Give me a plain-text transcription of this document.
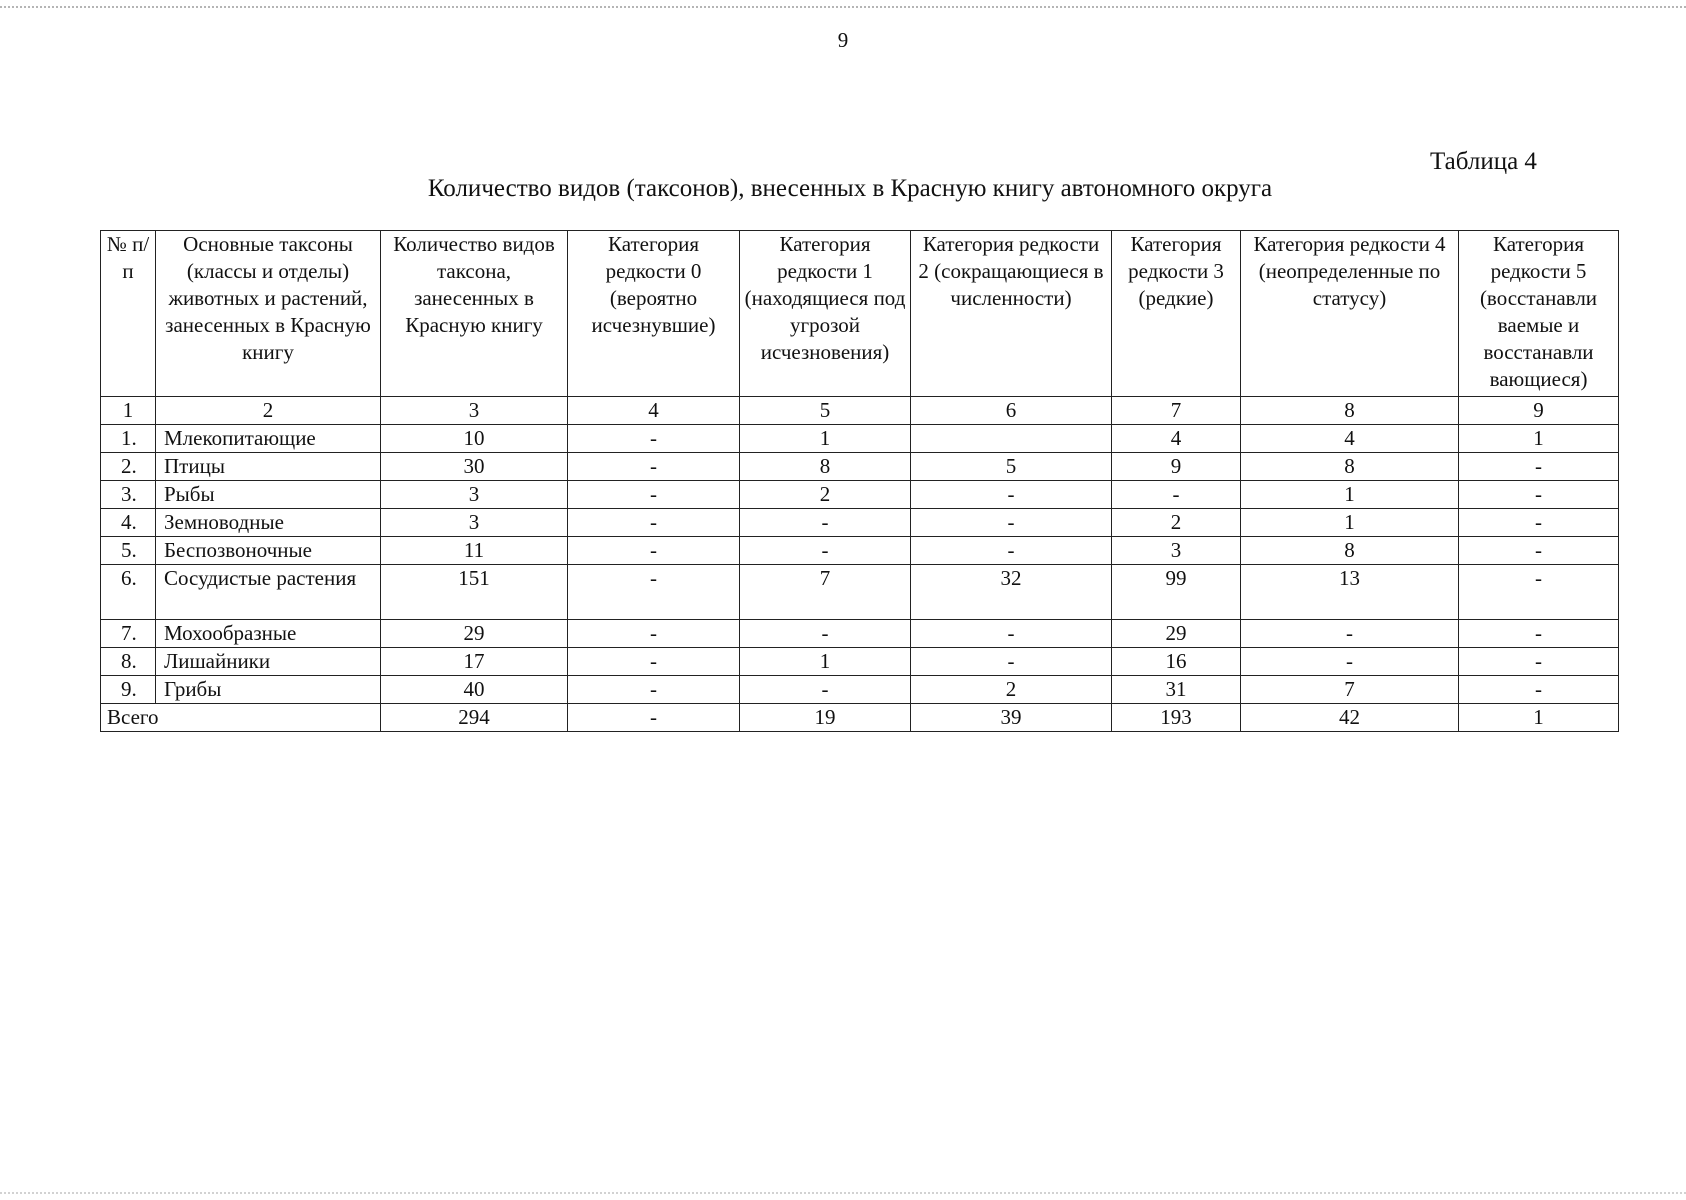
9
Таблица 4
Количество видов (таксонов), внесенных в Красную книгу автономного округа
№ п/п	Основные таксоны (классы и отделы) животных и растений, занесенных в Красную книгу	Количество видов таксона, занесенных в Красную книгу	Категория редкости 0 (вероятно исчезнувшие)	Категория редкости 1 (находящиеся под угрозой исчезновения)	Категория редкости 2 (сокращающиеся в численности)	Категория редкости 3 (редкие)	Категория редкости 4 (неопределенные по статусу)	Категория редкости 5 (восстанавли ваемые и восстанавли вающиеся)
1	2	3	4	5	6	7	8	9
1.	Млекопитающие	10	-	1		4	4	1
2.	Птицы	30	-	8	5	9	8	-
3.	Рыбы	3	-	2	-	-	1	-
4.	Земноводные	3	-	-	-	2	1	-
5.	Беспозвоночные	11	-	-	-	3	8	-
6.	Сосудистые растения	151	-	7	32	99	13	-
7.	Мохообразные	29	-	-	-	29	-	-
8.	Лишайники	17	-	1	-	16	-	-
9.	Грибы	40	-	-	2	31	7	-
Всего		294	-	19	39	193	42	1
